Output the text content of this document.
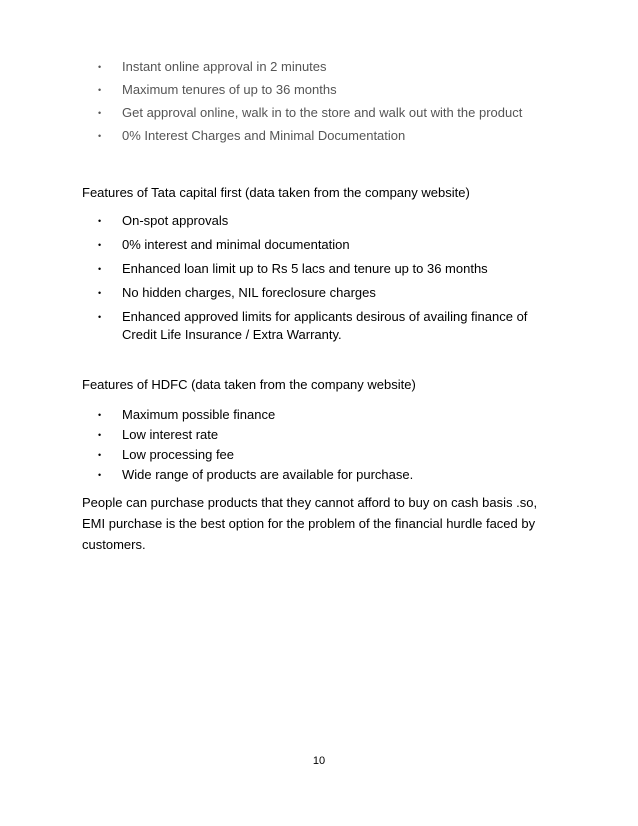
• Instant online approval in 2 minutes
• Maximum tenures of up to 36 months
• Get approval online, walk in to the store and walk out with the product
• 0% Interest Charges and Minimal Documentation

Features of Tata capital first (data taken from the company website)

• On-spot approvals
• 0% interest and minimal documentation
• Enhanced loan limit up to Rs 5 lacs and tenure up to 36 months
• No hidden charges, NIL foreclosure charges
• Enhanced approved limits for applicants desirous of availing finance of
Credit Life Insurance / Extra Warranty.

Features of HDFC (data taken from the company website)

• Maximum possible finance
• Low interest rate
• Low processing fee
• Wide range of products are available for purchase.

People can purchase products that they cannot afford to buy on cash basis .so, EMI purchase is the best option for the problem of the financial hurdle faced by customers.

10
